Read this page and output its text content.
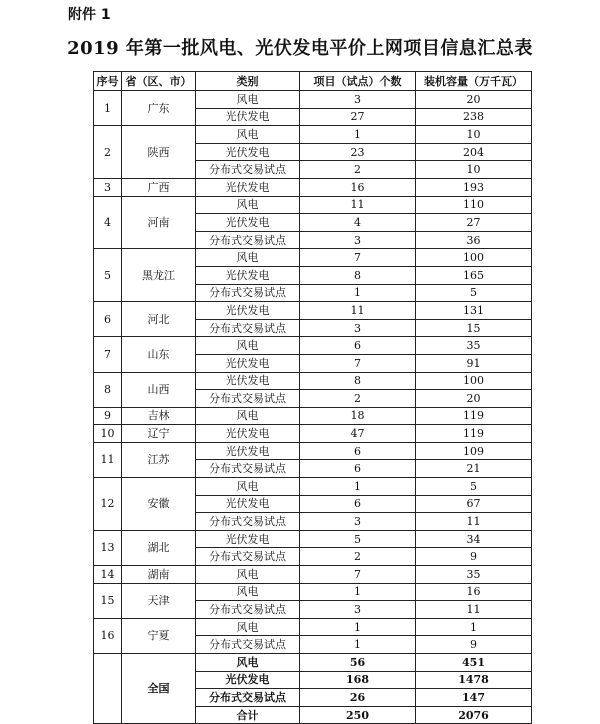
附件 1
2019 年第一批风电、光伏发电平价上网项目信息汇总表
序号	省（区、市）	类别	项目（试点）个数	装机容量（万千瓦）
1	广东	风电	3	20
		光伏发电	27	238
2	陕西	风电	1	10
		光伏发电	23	204
		分布式交易试点	2	10
3	广西	光伏发电	16	193
4	河南	风电	11	110
		光伏发电	4	27
		分布式交易试点	3	36
5	黑龙江	风电	7	100
		光伏发电	8	165
		分布式交易试点	1	5
6	河北	光伏发电	11	131
		分布式交易试点	3	15
7	山东	风电	6	35
		光伏发电	7	91
8	山西	光伏发电	8	100
		分布式交易试点	2	20
9	吉林	风电	18	119
10	辽宁	光伏发电	47	119
11	江苏	光伏发电	6	109
		分布式交易试点	6	21
12	安徽	风电	1	5
		光伏发电	6	67
		分布式交易试点	3	11
13	湖北	光伏发电	5	34
		分布式交易试点	2	9
14	湖南	风电	7	35
15	天津	风电	1	16
		分布式交易试点	3	11
16	宁夏	风电	1	1
		分布式交易试点	1	9
	全国	风电	56	451
		光伏发电	168	1478
		分布式交易试点	26	147
		合计	250	2076
